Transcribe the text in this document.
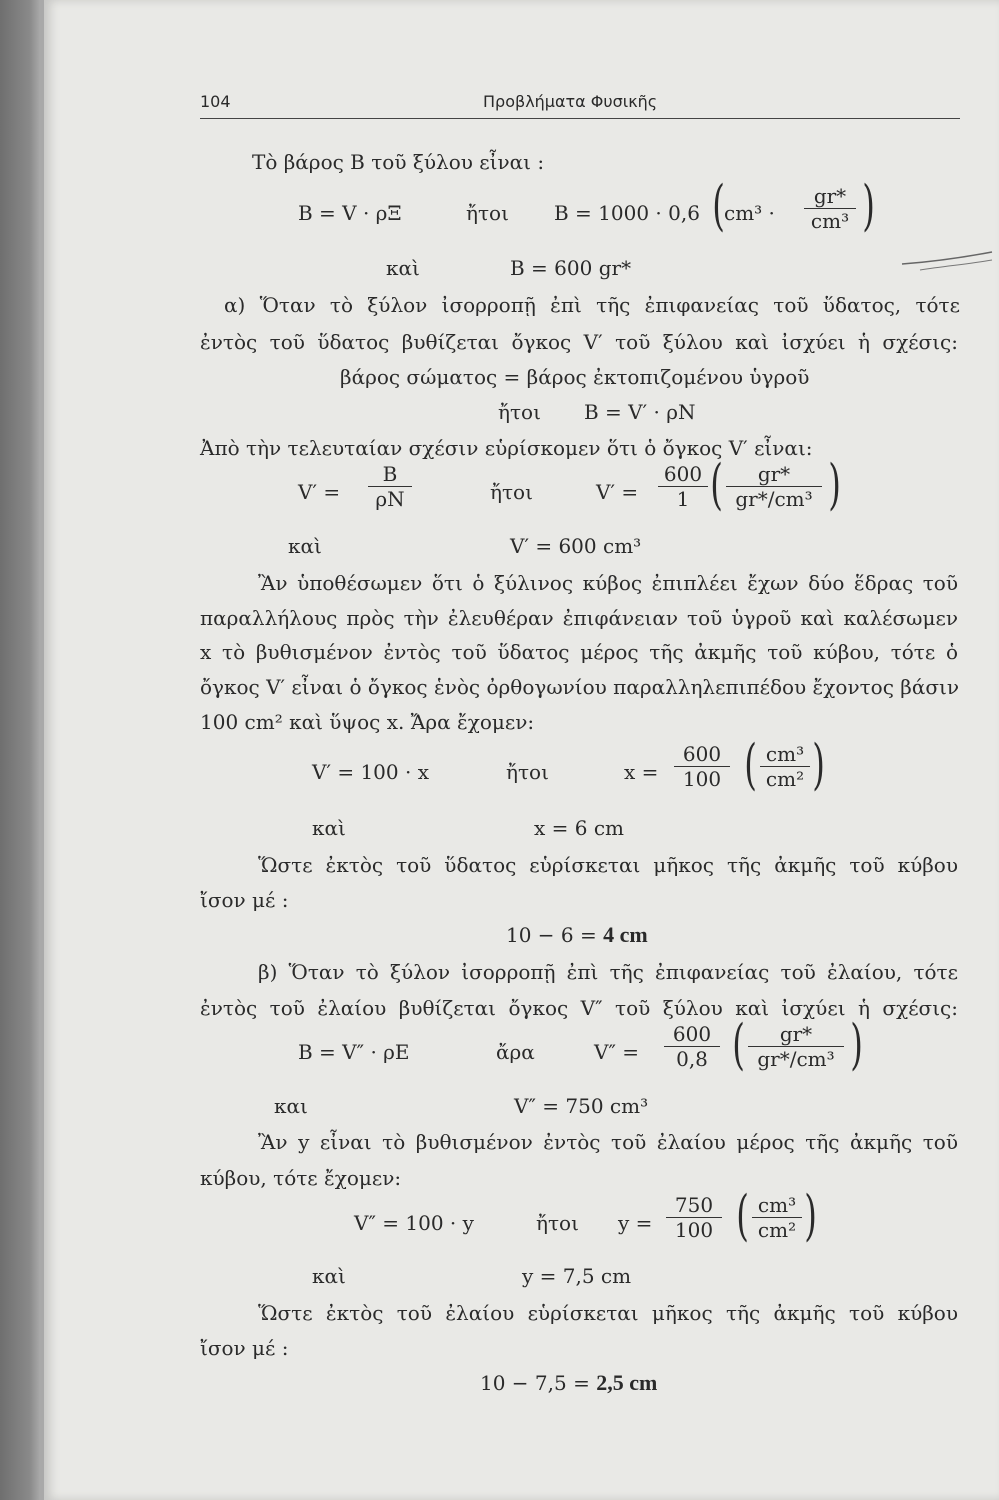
104	Προβλήματα Φυσικῆς
Τὸ βάρος Β τοῦ ξύλου εἶναι :
Β = V · ρΞ	ἤτοι Β = 1000 · 0,6 ( $cm^3 \cdot \frac{gr*}{\text{cm³}}$ )
καὶ	Β = 600 gr*
α) Ὅταν τὸ ξύλον ἰσορροπῇ ἐπὶ τῆς ἐπιφανείας τοῦ ὕδατος, τότε
ἐντὸς τοῦ ὕδατος βυθίζεται ὄγκος V′ τοῦ ξύλου καὶ ἰσχύει ἡ σχέσις:
βάρος σώματος = βάρος ἐκτοπιζομένου ὑγροῦ
ἤτοι Β = V′ · ρΝ
Ἀπὸ τὴν τελευταίαν σχέσιν εὑρίσκομεν ὅτι ὁ ὄγκος V′ εἶναι:
$V' = \frac{B}{\rho N}$	ἤτοι	$V' = \frac{600}{1}$ ( $\frac{gr*}{\text{gr*/cm³}}$ )
καὶ	V′ = 600 cm³
Ἂν ὑποθέσωμεν ὅτι ὁ ξύλινος κύβος ἐπιπλέει ἔχων δύο ἕδρας τοῦ
παραλλήλους πρὸς τὴν ἐλευθέραν ἐπιφάνειαν τοῦ ὑγροῦ καὶ καλέσωμεν
x τὸ βυθισμένον ἐντὸς τοῦ ὕδατος μέρος τῆς ἀκμῆς τοῦ κύβου, τότε ὁ
ὄγκος V′ εἶναι ὁ ὄγκος ἑνὸς ὀρθογωνίου παραλληλεπιπέδου ἔχοντος βάσιν
100 cm² καὶ ὕψος x. Ἄρα ἔχομεν:
V′ = 100 · x	ἤτοι	$x = \frac{600}{100}$ ( $\frac{\text{cm³}}{\text{cm²}}$ )
καὶ	x = 6 cm
Ὥστε ἐκτὸς τοῦ ὕδατος εὑρίσκεται μῆκος τῆς ἀκμῆς τοῦ κύβου
ἴσον μέ :
10 − 6 = 4 cm
β) Ὅταν τὸ ξύλον ἰσορροπῇ ἐπὶ τῆς ἐπιφανείας τοῦ ἐλαίου, τότε
ἐντὸς τοῦ ἐλαίου βυθίζεται ὄγκος V″ τοῦ ξύλου καὶ ἰσχύει ἡ σχέσις:
Β = V″ · ρΕ	ἄρα	$V'' = \frac{600}{0,8}$ ( $\frac{gr*}{\text{gr*/cm³}}$ )
και	V″ = 750 cm³
Ἂν y εἶναι τὸ βυθισμένον ἐντὸς τοῦ ἐλαίου μέρος τῆς ἀκμῆς τοῦ
κύβου, τότε ἔχομεν:
V″ = 100 · y	ἤτοι $y = \frac{750}{100}$ ( $\frac{\text{cm³}}{\text{cm²}}$ )
καὶ	y = 7,5 cm
Ὥστε ἐκτὸς τοῦ ἐλαίου εὑρίσκεται μῆκος τῆς ἀκμῆς τοῦ κύβου
ἴσον μέ :
10 − 7,5 = 2,5 cm
